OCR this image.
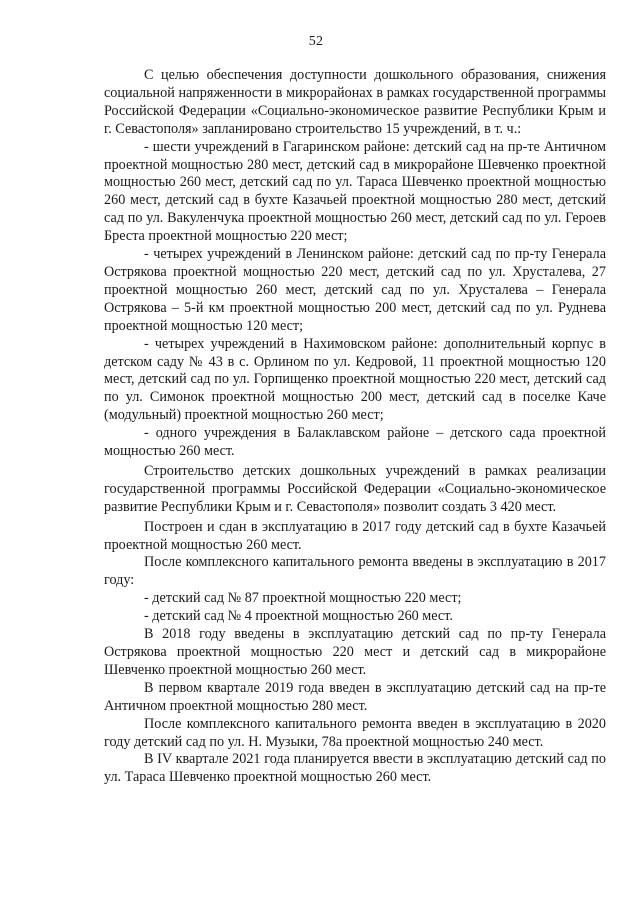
52

С целью обеспечения доступности дошкольного образования, снижения социальной напряженности в микрорайонах в рамках государственной программы Российской Федерации «Социально-экономическое развитие Республики Крым и г. Севастополя» запланировано строительство 15 учреждений, в т. ч.:

- шести учреждений в Гагаринском районе: детский сад на пр-те Античном проектной мощностью 280 мест, детский сад в микрорайоне Шевченко проектной мощностью 260 мест, детский сад по ул. Тараса Шевченко проектной мощностью 260 мест, детский сад в бухте Казачьей проектной мощностью 280 мест, детский сад по ул. Вакуленчука проектной мощностью 260 мест, детский сад по ул. Героев Бреста проектной мощностью 220 мест;

- четырех учреждений в Ленинском районе: детский сад по пр-ту Генерала Острякова проектной мощностью 220 мест, детский сад по ул. Хрусталева, 27 проектной мощностью 260 мест, детский сад по ул. Хрусталева – Генерала Острякова – 5-й км проектной мощностью 200 мест, детский сад по ул. Руднева проектной мощностью 120 мест;

- четырех учреждений в Нахимовском районе: дополнительный корпус в детском саду № 43 в с. Орлином по ул. Кедровой, 11 проектной мощностью 120 мест, детский сад по ул. Горпищенко проектной мощностью 220 мест, детский сад по ул. Симонок проектной мощностью 200 мест, детский сад в поселке Каче (модульный) проектной мощностью 260 мест;

- одного учреждения в Балаклавском районе – детского сада проектной мощностью 260 мест.

Строительство детских дошкольных учреждений в рамках реализации государственной программы Российской Федерации «Социально-экономическое развитие Республики Крым и г. Севастополя» позволит создать 3 420 мест.

Построен и сдан в эксплуатацию в 2017 году детский сад в бухте Казачьей проектной мощностью 260 мест.

После комплексного капитального ремонта введены в эксплуатацию в 2017 году:

- детский сад № 87 проектной мощностью 220 мест;

- детский сад № 4 проектной мощностью 260 мест.

В 2018 году введены в эксплуатацию детский сад по пр-ту Генерала Острякова проектной мощностью 220 мест и детский сад в микрорайоне Шевченко проектной мощностью 260 мест.

В первом квартале 2019 года введен в эксплуатацию детский сад на пр-те Античном проектной мощностью 280 мест.

После комплексного капитального ремонта введен в эксплуатацию в 2020 году детский сад по ул. Н. Музыки, 78а проектной мощностью 240 мест.

В IV квартале 2021 года планируется ввести в эксплуатацию детский сад по ул. Тараса Шевченко проектной мощностью 260 мест.
